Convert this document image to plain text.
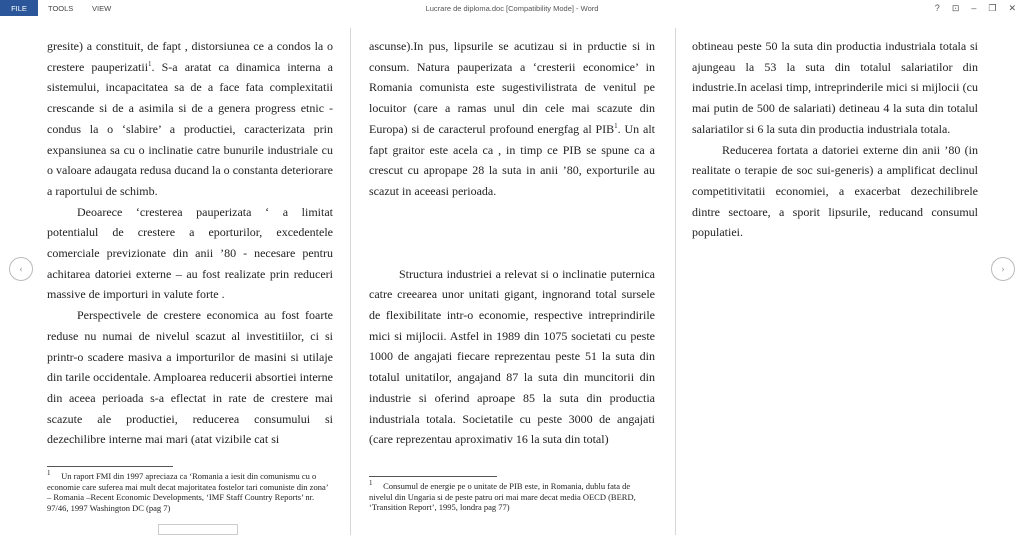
FILE	TOOLS VIEW	Lucrare de diploma.doc [Compatibility Mode] - Word	? ⊡ – ❐ ✕

gresite) a constituit, de fapt , distorsiunea ce a condos la o crestere pauperizatii$^1$. S-a aratat ca dinamica interna a sistemului, incapacitatea sa de a face fata complexitatii crescande si de a asimila si de a genera progress etnic - condus la o ‘slabire’ a productiei, caracterizata prin expansiunea sa cu o inclinatie catre bunurile industriale cu o valoare adaugata redusa ducand la o constanta deteriorare a raportului de schimb.

Deoarece ‘cresterea pauperizata ‘ a limitat potentialul de crestere a eporturilor, excedentele comerciale previzionate din anii ’80 - necesare pentru achitarea datoriei externe – au fost realizate prin reduceri massive de importuri in valute forte .

Perspectivele de crestere economica au fost foarte reduse nu numai de nivelul scazut al investitiilor, ci si printr-o scadere masiva a importurilor de masini si utilaje din tarile occidentale. Amploarea reducerii absortiei interne din aceea perioada s-a eflectat in rate de crestere mai scazute ale productiei, reducerea consumului si dezechilibre interne mai mari (atat vizibile cat si

$^1$ Un raport FMI din 1997 apreciaza ca ‘Romania a iesit din comunismu cu o economie care suferea mai mult decat majoritatea fostelor tari comuniste din zona’ – Romania –Recent Economic Developments, ‘IMF Staff Country Reports’ nr. 97/46, 1997 Washington DC (pag 7)

ascunse).In pus, lipsurile se acutizau si in prductie si in consum. Natura pauperizata a ‘cresterii economice’ in Romania comunista este sugestivilistrata de venitul pe locuitor (care a ramas unul din cele mai scazute din Europa) si de caracterul profound energfag al PIB$^1$. Un alt fapt graitor este acela ca , in timp ce PIB se spune ca a crescut cu apropape 28 la suta in anii ’80, exporturile au scazut in aceeasi perioada.

Structura industriei a relevat si o inclinatie puternica catre creearea unor unitati gigant, ingnorand total sursele de flexibilitate intr-o economie, respective intreprindirile mici si mijlocii. Astfel in 1989 din 1075 societati cu peste 1000 de angajati fiecare reprezentau peste 51 la suta din totalul unitatilor, angajand 87 la suta din muncitorii din industrie si oferind aproape 85 la suta din productia industriala totala. Societatile cu peste 3000 de angajati (care reprezentau aproximativ 16 la suta din total)

$^1$ Consumul de energie pe o unitate de PIB este, in Romania, dublu fata de nivelul din Ungaria si de peste patru ori mai mare decat media OECD (BERD, ‘Transition Report’, 1995, londra pag 77)

obtineau peste 50 la suta din productia industriala totala si ajungeau la 53 la suta din totalul salariatilor din industrie.In acelasi timp, intreprinderile mici si mijlocii (cu mai putin de 500 de salariati) detineau 4 la suta din totalul salariatilor si 6 la suta din productia industriala totala.

Reducerea fortata a datoriei externe din anii ’80 (in realitate o terapie de soc sui-generis) a amplificat declinul competitivitatii economiei, a exacerbat dezechilibrele dintre sectoare, a sporit lipsurile, reducand consumul populatiei.

‹	›
